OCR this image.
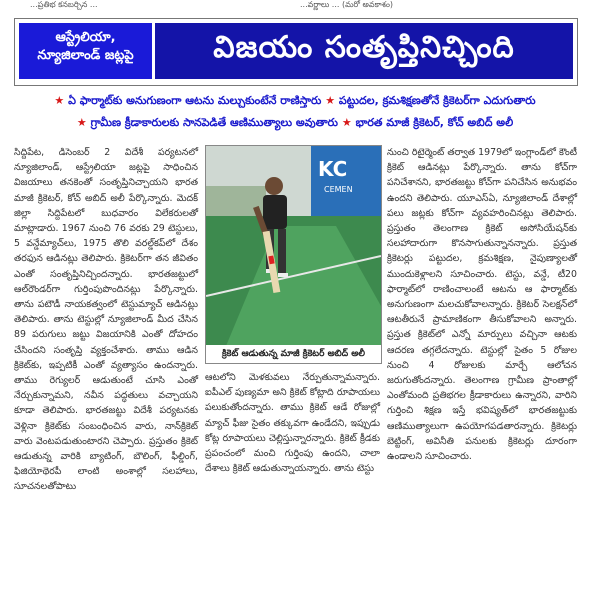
...ప్రతిభ కనబర్చిన ...	...వర్ణాలు ... (మరో అవకాశం)
ఆస్ట్రేలియా,
న్యూజిలాండ్ జట్లపై	విజయం సంతృప్తినిచ్చింది
★ ఏ ఫార్మాట్‌కు అనుగుణంగా ఆటను మల్చుకుంటేనే రాణిస్తారు ★ పట్టుదల, క్రమశిక్షణతోనే క్రికెటర్‌గా ఎదుగుతారు
★ గ్రామీణ క్రీడాకారులకు సానపెడితే ఆణిముత్యాలు అవుతారు ★ భారత మాజీ క్రికెటర్, కోచ్ అబిద్ అలీ

సిద్దిపేట, డిసెంబర్ 2 విదేశీ పర్యటనలో న్యూజిలాండ్, ఆస్ట్రేలియా జట్లపై సాధించిన విజయాలు తనకెంతో సంతృప్తినిచ్చాయని భారత మాజీ క్రికెటర్, కోచ్ అబిద్ అలీ పేర్కొన్నారు. మెదక్ జిల్లా సిద్దిపేటలో బుధవారం విలేకరులతో మాట్లాడారు. 1967 నుంచి 76 వరకు 29 టెస్టులు, 5 వన్డేమ్యాచ్‌లు, 1975 తొలి వరల్డ్‌కప్‌లో దేశం తరఫున ఆడినట్లు తెలిపారు. క్రికెటర్‌గా తన జీవితం ఎంతో సంతృప్తినిచ్చిందన్నారు. భారతజట్టులో ఆల్‌రౌండర్‌గా గుర్తింపుపొందినట్లు పేర్కొన్నారు. తాను పటౌడీ నాయకత్వంలో టెస్టుమ్యాచ్ ఆడినట్లు తెలిపారు. తాను టెస్టుల్లో న్యూజిలాండ్ మీద చేసిన 89 పరుగులు జట్టు విజయానికి ఎంతో దోహదం చేసిందని సంతృప్తి వ్యక్తంచేశారు. తాము ఆడిన క్రికెట్‌కు, ఇప్పటికీ ఎంతో వ్యత్యాసం ఉందన్నారు. తాము రెగ్యులర్ ఆడుతుంటే చూసి ఎంతో నేర్చుకున్నామని, నవీన పద్ధతులు వచ్చాయని కూడా తెలిపారు. భారతజట్టు విదేశీ పర్యటనకు వెళ్లినా క్రికెట్‌కు సంబంధించిన వారు, నాన్‌క్రికెట్ వారు వెంటపడుతుంటారని చెప్పారు. ప్రస్తుతం క్రికెట్ ఆడుతున్న వారికి బ్యాటింగ్, బౌలింగ్, ఫీల్డింగ్, ఫిజియోథెరపీ లాంటి అంశాల్లో సలహాలు, సూచనలతోపాటు

KC
CEMEN
క్రికెట్ ఆడుతున్న మాజీ క్రికెటర్ అబిద్ అలీ

ఆటలోని మెళకువలు నేర్పుతున్నామన్నారు. ఐపీఎల్ పుణ్యమా అని క్రికెట్ కోట్లాది రూపాయలు పలుకుతోందన్నారు. తాము క్రికెట్ ఆడే రోజుల్లో మ్యాచ్ ఫీజు సైతం తక్కువగా ఉండేదని, ఇప్పుడు కోట్ల రూపాయలు చెల్లిస్తున్నారన్నారు. క్రికెట్ క్రీడకు ప్రపంచంలో మంచి గుర్తింపు ఉందని, చాలా దేశాలు క్రికెట్ ఆడుతున్నాయన్నారు. తాను టెస్టు

నుంచి రిటైర్మెంట్ తర్వాత 1979లో ఇంగ్లాండ్‌లో కౌంటీ క్రికెట్ ఆడినట్లు పేర్కొన్నారు. తాను కోచ్‌గా పనిచేశానని, భారతజట్టు కోచ్‌గా పనిచేసిన అనుభవం ఉందని తెలిపారు. యూఎస్ఏ, న్యూజిలాండ్ దేశాల్లో పలు జట్లకు కోచ్‌గా వ్యవహరించినట్లు తెలిపారు. ప్రస్తుతం తెలంగాణ క్రికెట్ అసోసియేషన్‌కు సలహాదారుగా కొనసాగుతున్నానన్నారు. ప్రస్తుత క్రికెటర్లు పట్టుదల, క్రమశిక్షణ, నైపుణ్యాలతో ముందుకెళ్లాలని సూచించారు. టెస్టు, వన్డే, టీ20 ఫార్మాట్‌లో రాణించాలంటే ఆటను ఆ ఫార్మాట్‌కు అనుగుణంగా మలచుకోవాలన్నారు. క్రికెటర్ సెలక్షన్‌లో ఆటతీరునే ప్రామాణికంగా తీసుకోవాలని అన్నారు. ప్రస్తుత క్రికెట్‌లో ఎన్నో మార్పులు వచ్చినా ఆటకు ఆదరణ తగ్గలేదన్నారు. టెస్టుల్లో సైతం 5 రోజుల నుంచి 4 రోజులకు మార్చే ఆలోచన జరుగుతోందన్నారు. తెలంగాణ గ్రామీణ ప్రాంతాల్లో ఎంతోమంది ప్రతిభగల క్రీడాకారులు ఉన్నారని, వారిని గుర్తించి శిక్షణ ఇస్తే భవిష్యత్‌లో భారతజట్టుకు ఆణిముత్యాలుగా ఉపయోగపడతారన్నారు. క్రికెటర్లు బెట్టింగ్, అవినీతి పనులకు క్రికెటర్లు దూరంగా ఉండాలని సూచించారు.
